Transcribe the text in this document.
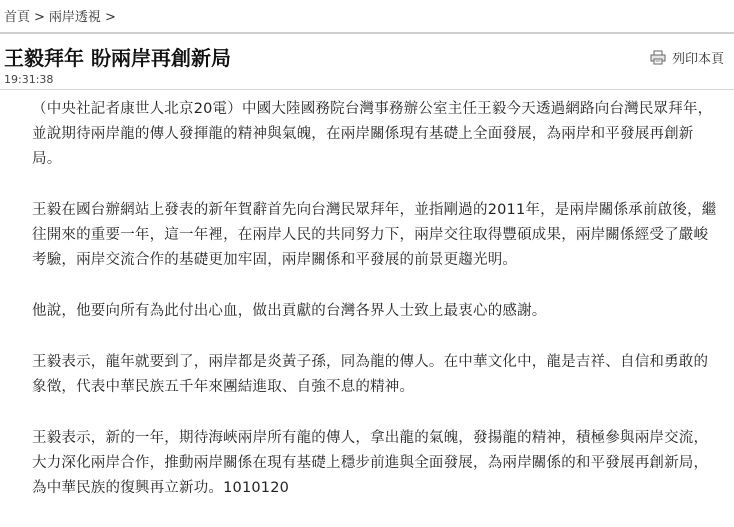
首頁 > 兩岸透視 >
王毅拜年 盼兩岸再創新局	列印本頁
19:31:38

（中央社記者康世人北京20電）中國大陸國務院台灣事務辦公室主任王毅今天透過網路向台灣民眾拜年，並說期待兩岸龍的傳人發揮龍的精神與氣魄，在兩岸關係現有基礎上全面發展，為兩岸和平發展再創新局。

王毅在國台辦網站上發表的新年賀辭首先向台灣民眾拜年，並指剛過的2011年，是兩岸關係承前啟後，繼往開來的重要一年，這一年裡，在兩岸人民的共同努力下，兩岸交往取得豐碩成果，兩岸關係經受了嚴峻考驗，兩岸交流合作的基礎更加牢固，兩岸關係和平發展的前景更趨光明。

他說，他要向所有為此付出心血，做出貢獻的台灣各界人士致上最衷心的感謝。

王毅表示，龍年就要到了，兩岸都是炎黃子孫，同為龍的傳人。在中華文化中，龍是吉祥、自信和勇敢的象徵，代表中華民族五千年來團結進取、自強不息的精神。

王毅表示，新的一年，期待海峽兩岸所有龍的傳人，拿出龍的氣魄，發揚龍的精神，積極參與兩岸交流，大力深化兩岸合作，推動兩岸關係在現有基礎上穩步前進與全面發展，為兩岸關係的和平發展再創新局，為中華民族的復興再立新功。1010120
